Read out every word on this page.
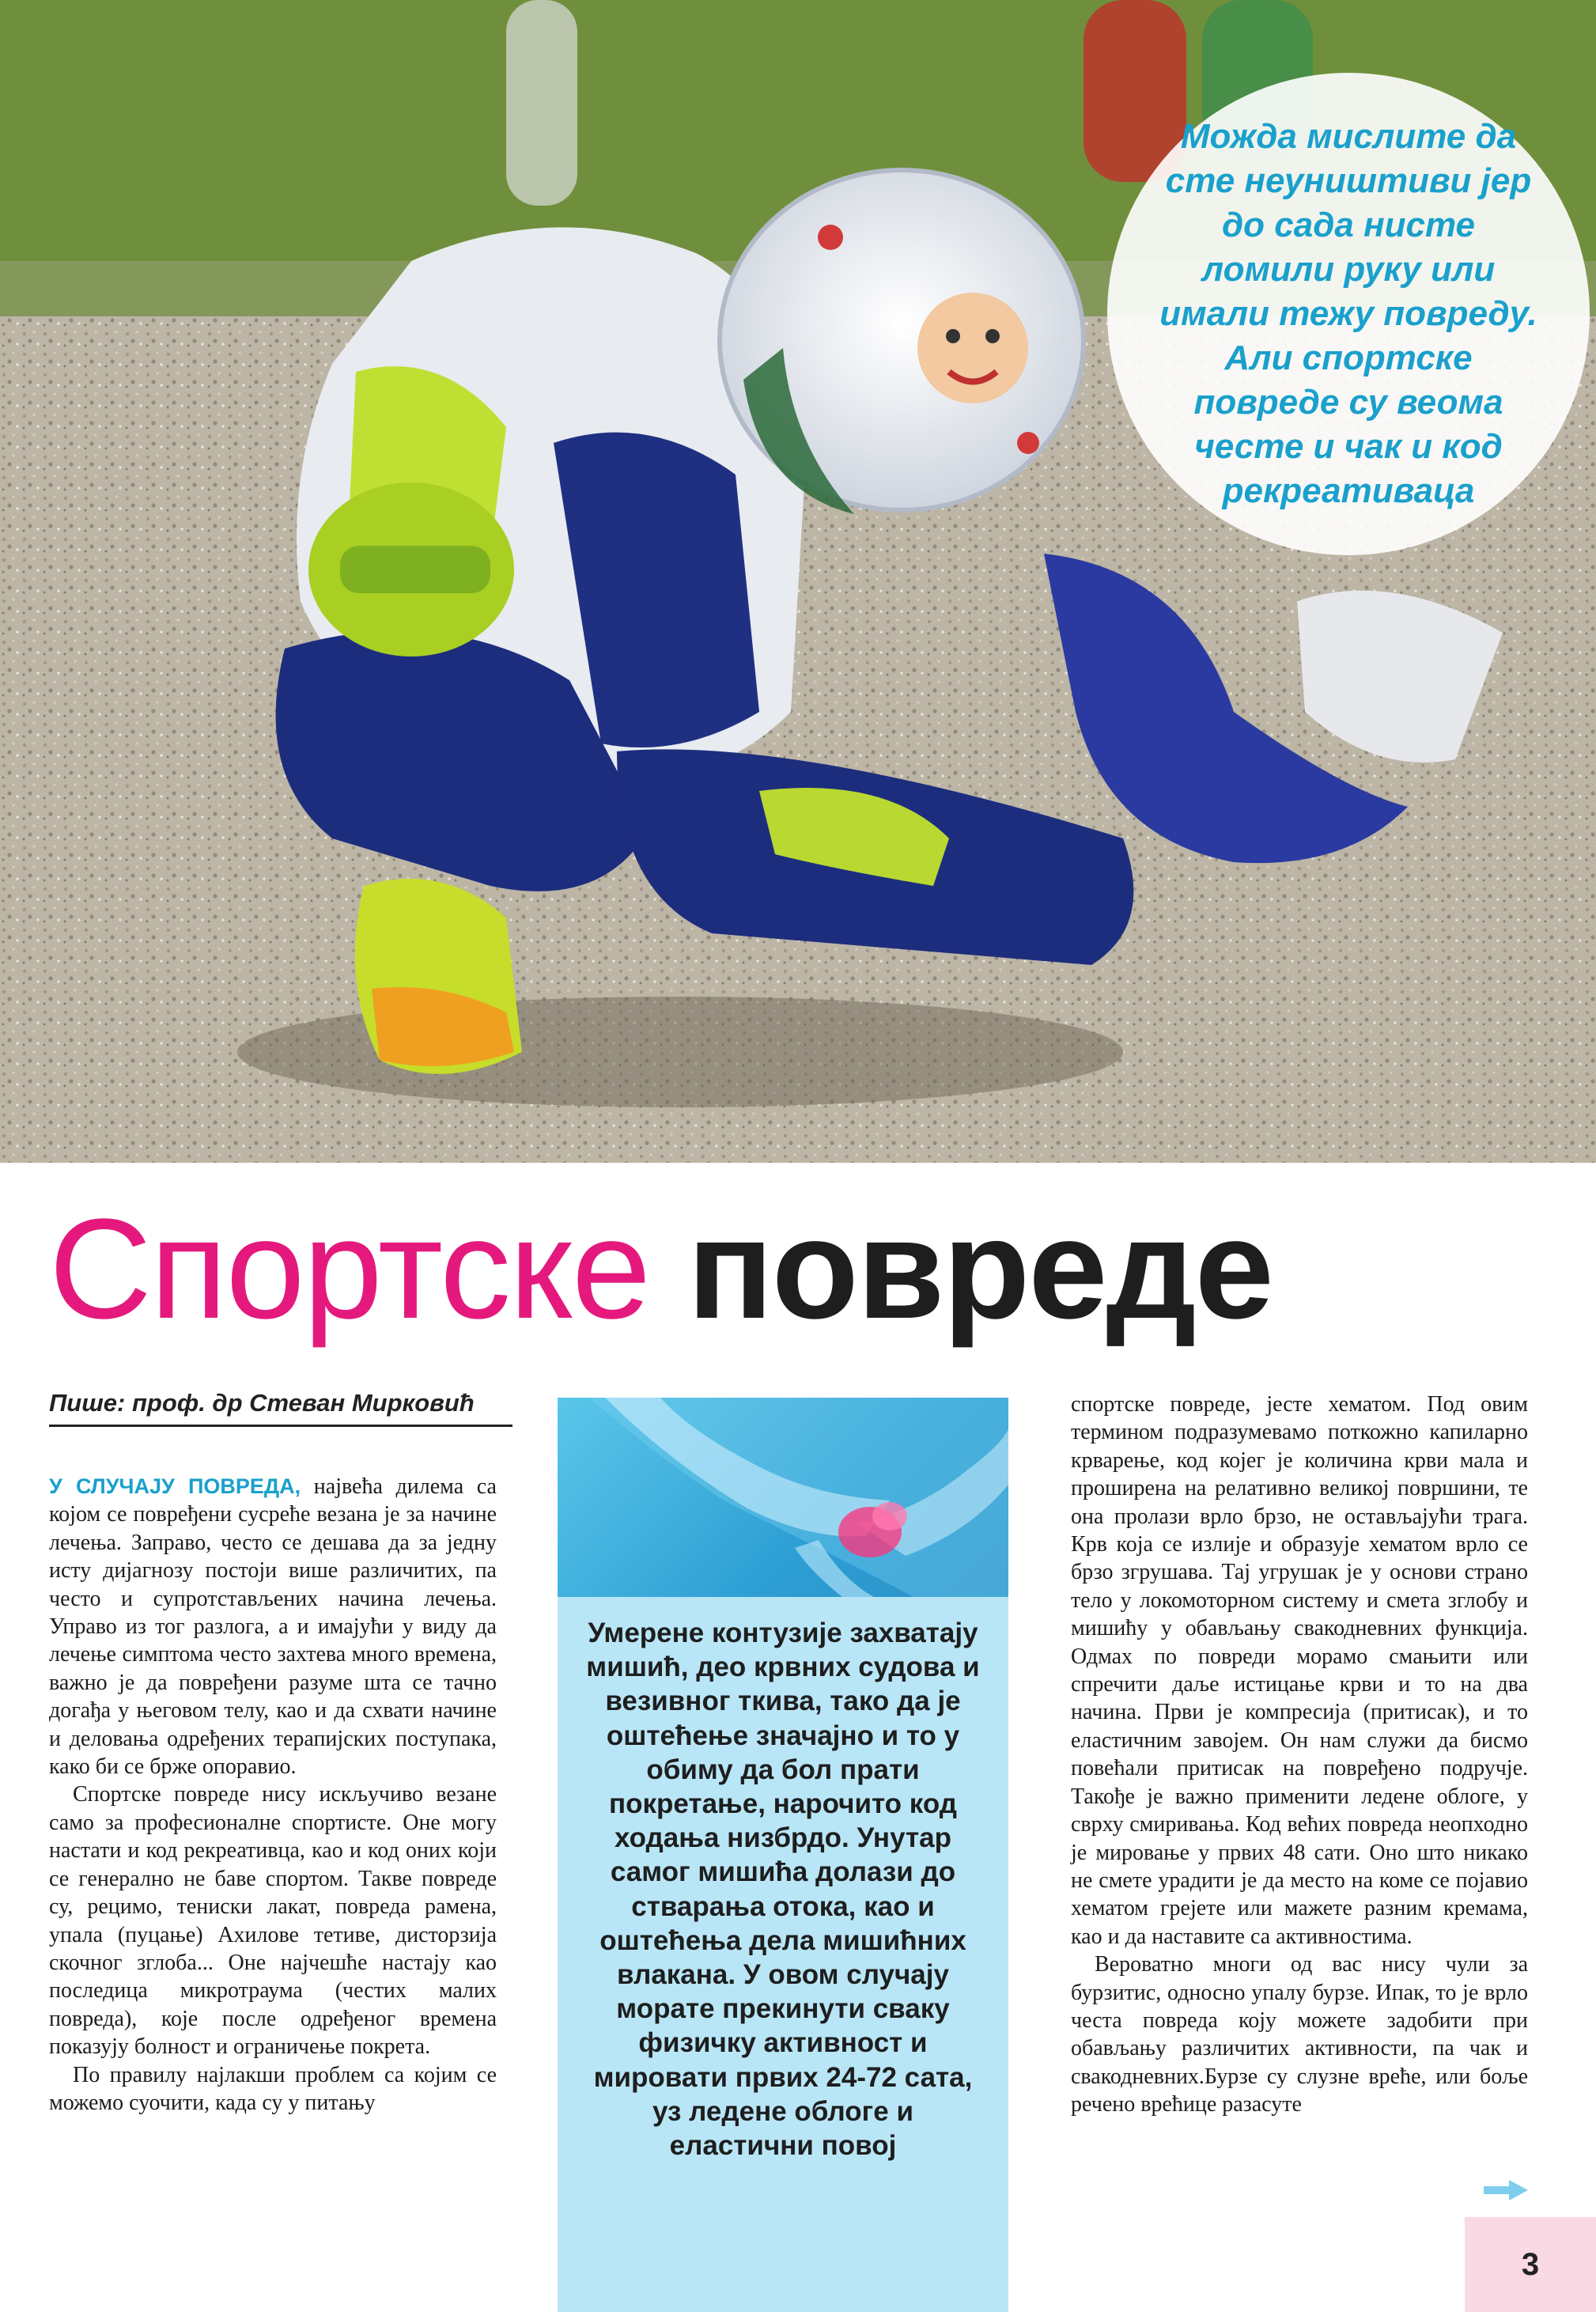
Можда мислите да сте неуништиви јер до сада нисте ломили руку или имали тежу повреду. Али спортске повреде су веома честе и чак и код рекреативаца

Спортске повреде
Пише: проф. др Стеван Мирковић

У СЛУЧАЈУ ПОВРЕДА, највећа дилема са којом се повређени сусреће везана је за начине лечења. Заправо, често се дешава да за једну исту дијагнозу постоји више различитих, па често и супротстављених начина лечења. Управо из тог разлога, а и имајући у виду да лечење симптома често захтева много времена, важно је да повређени разуме шта се тачно догађа у његовом телу, као и да схвати начине и деловања одређених терапијских поступака, како би се брже опоравио.

Спортске повреде нису искључиво везане само за професионалне спортисте. Оне могу настати и код рекреативца, као и код оних који се генерално не баве спортом. Такве повреде су, рецимо, тениски лакат, повреда рамена, упала (пуцање) Ахилове тетиве, дисторзија скочног зглоба... Оне најчешће настају као последица микротраума (честих малих повреда), које после одређеног времена показују болност и ограничење покрета.

По правилу најлакши проблем са којим се можемо суочити, када су у питању

Умерене контузије захватају мишић, део крвних судова и везивног ткива, тако да је оштећење значајно и то у обиму да бол прати покретање, нарочито код ходања низбрдо. Унутар самог мишића долази до стварања отока, као и оштећења дела мишићних влакана. У овом случају морате прекинути сваку физичку активност и мировати првих 24-72 сата, уз ледене облоге и еластични повој

спортске повреде, јесте хематом. Под овим термином подразумевамо поткожно капиларно крварење, код којег је количина крви мала и проширена на релативно великој површини, те она пролази врло брзо, не остављајући трага. Крв која се излије и образује хематом врло се брзо згрушава. Тај угрушак је у основи страно тело у локомоторном систему и смета зглобу и мишићу у обављању свакодневних функција. Одмах по повреди морамо смањити или спречити даље истицање крви и то на два начина. Први је компресија (притисак), и то еластичним завојем. Он нам служи да бисмо повећали притисак на повређено подручје. Такође је важно применити ледене облоге, у сврху смиривања. Код већих повреда неопходно је мировање у првих 48 сати. Оно што никако не смете урадити је да место на коме се појавио хематом грејете или мажете разним кремама, као и да наставите са активностима.

Вероватно многи од вас нису чули за бурзитис, односно упалу бурзе. Ипак, то је врло честа повреда коју можете задобити при обављању различитих активности, па чак и свакодневних.Бурзе су слузне вреће, или боље речено врећице разасуте

3
